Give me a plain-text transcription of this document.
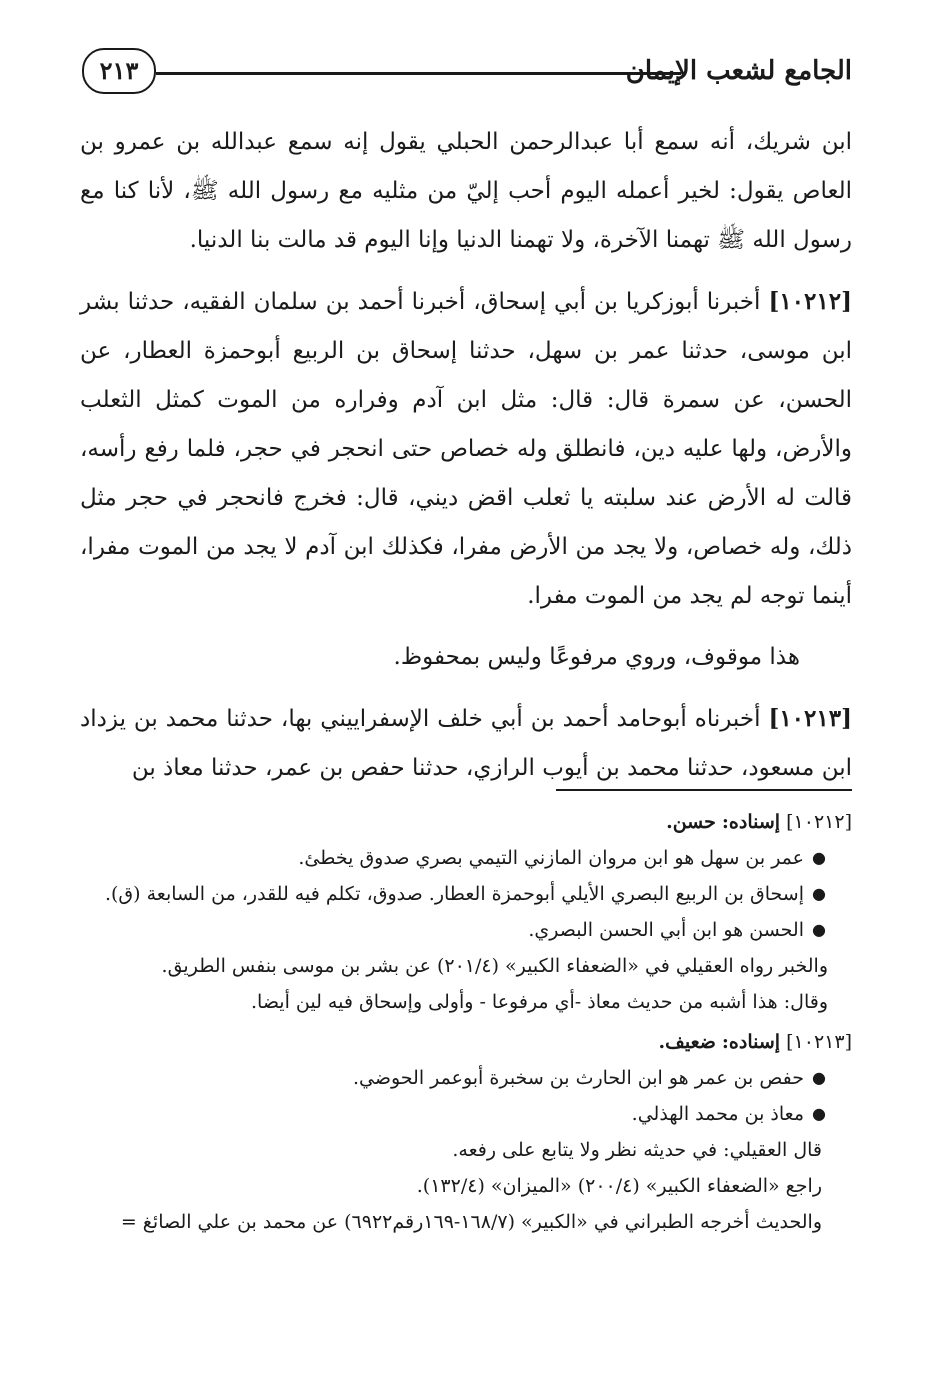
٢١٣	الجامع لشعب الإيمان

ابن شريك، أنه سمع أبا عبدالرحمن الحبلي يقول إنه سمع عبدالله بن عمرو بن العاص يقول: لخير أعمله اليوم أحب إليّ من مثليه مع رسول الله ﷺ، لأنا كنا مع رسول الله ﷺ تهمنا الآخرة، ولا تهمنا الدنيا وإنا اليوم قد مالت بنا الدنيا.

[١٠٢١٢] أخبرنا أبوزكريا بن أبي إسحاق، أخبرنا أحمد بن سلمان الفقيه، حدثنا بشر ابن موسى، حدثنا عمر بن سهل، حدثنا إسحاق بن الربيع أبوحمزة العطار، عن الحسن، عن سمرة قال: قال: مثل ابن آدم وفراره من الموت كمثل الثعلب والأرض، ولها عليه دين، فانطلق وله خصاص حتى انحجر في حجر، فلما رفع رأسه، قالت له الأرض عند سلبته يا ثعلب اقض ديني، قال: فخرج فانحجر في حجر مثل ذلك، وله خصاص، ولا يجد من الأرض مفرا، فكذلك ابن آدم لا يجد من الموت مفرا، أينما توجه لم يجد من الموت مفرا.

هذا موقوف، وروي مرفوعًا وليس بمحفوظ.

[١٠٢١٣] أخبرناه أبوحامد أحمد بن أبي خلف الإسفراييني بها، حدثنا محمد بن يزداد ابن مسعود، حدثنا محمد بن أيوب الرازي، حدثنا حفص بن عمر، حدثنا معاذ بن

[١٠٢١٢] إسناده: حسن.

●
عمر بن سهل هو ابن مروان المازني التيمي بصري صدوق يخطئ.
●
إسحاق بن الربيع البصري الأيلي أبوحمزة العطار. صدوق، تكلم فيه للقدر، من السابعة (ق).
●
الحسن هو ابن أبي الحسن البصري.

والخبر رواه العقيلي في «الضعفاء الكبير» (٢٠١/٤) عن بشر بن موسى بنفس الطريق.

وقال: هذا أشبه من حديث معاذ -أي مرفوعا - وأولى وإسحاق فيه لين أيضا.

[١٠٢١٣] إسناده: ضعيف.

●
حفص بن عمر هو ابن الحارث بن سخبرة أبوعمر الحوضي.
●
معاذ بن محمد الهذلي.

قال العقيلي: في حديثه نظر ولا يتابع على رفعه.

راجع «الضعفاء الكبير» (٢٠٠/٤) «الميزان» (١٣٢/٤).

والحديث أخرجه الطبراني في «الكبير» (١٦٨/٧-١٦٩رقم٦٩٢٢) عن محمد بن علي الصائغ =
